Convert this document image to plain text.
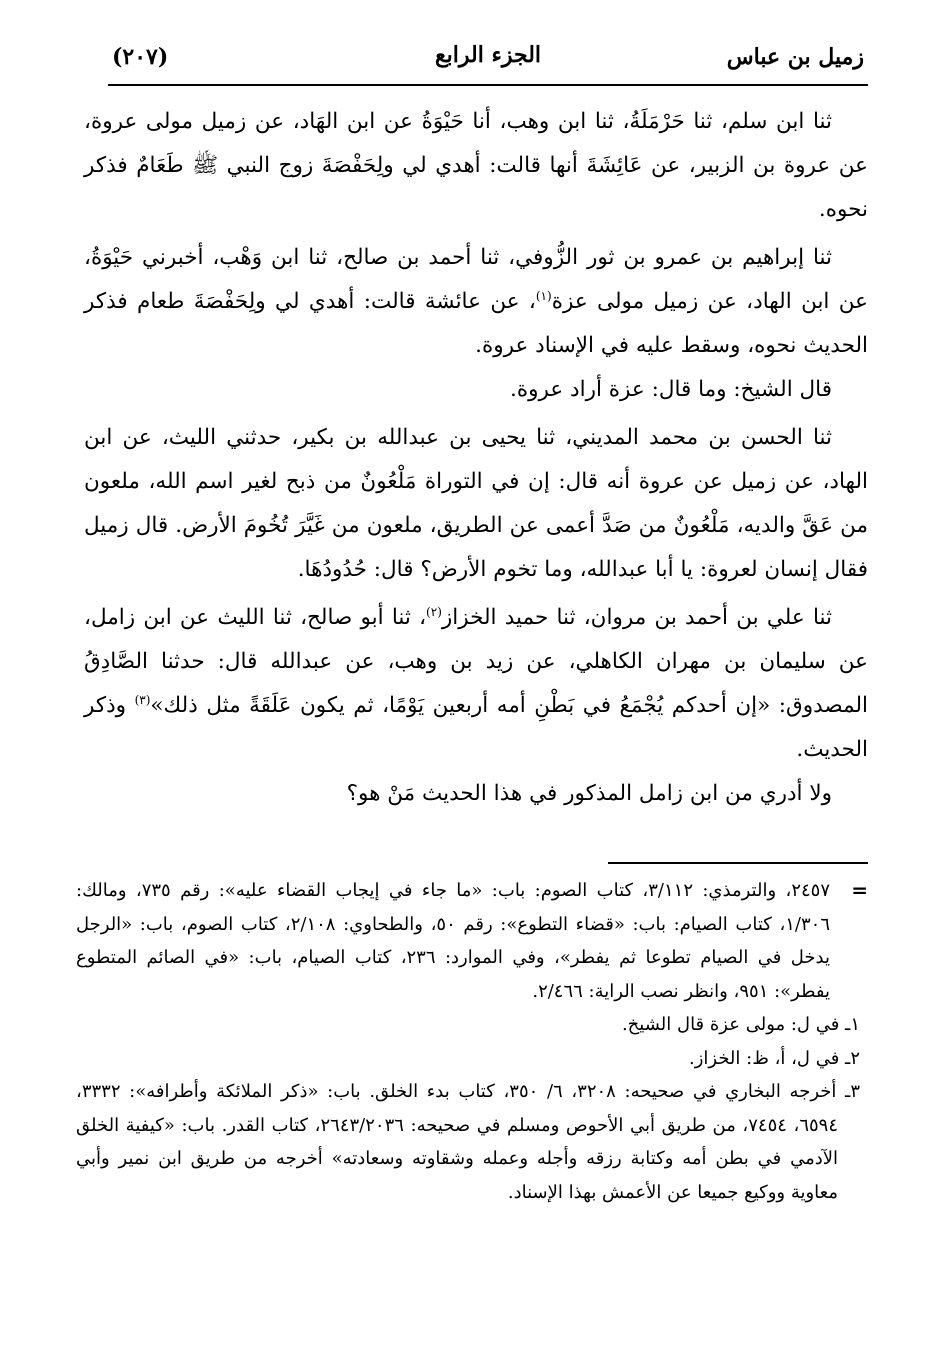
زميل بن عباس
الجزء الرابع
(٢٠٧)

ثنا ابن سلم، ثنا حَرْمَلَةُ، ثنا ابن وهب، أنا حَيْوَةُ عن ابن الهَاد، عن زميل مولى عروة، عن عروة بن الزبير، عن عَائِشَةَ أنها قالت: أهدي لي ولِحَفْصَةَ زوج النبي ﷺ طَعَامٌ فذكر نحوه.

ثنا إبراهيم بن عمرو بن ثور الزُّوفي، ثنا أحمد بن صالح، ثنا ابن وَهْب، أخبرني حَيْوَةُ، عن ابن الهاد، عن زميل مولى عزة$^{(١)}$، عن عائشة قالت: أهدي لي ولِحَفْصَةَ طعام فذكر الحديث نحوه، وسقط عليه في الإسناد عروة.

قال الشيخ: وما قال: عزة أراد عروة.

ثنا الحسن بن محمد المديني، ثنا يحيى بن عبدالله بن بكير، حدثني الليث، عن ابن الهاد، عن زميل عن عروة أنه قال: إن في التوراة مَلْعُونٌ من ذبح لغير اسم الله، ملعون من عَقَّ والديه، مَلْعُونٌ من صَدَّ أعمى عن الطريق، ملعون من غَيَّرَ تُخُومَ الأرض. قال زميل فقال إنسان لعروة: يا أبا عبدالله، وما تخوم الأرض؟ قال: حُدُودُهَا.

ثنا علي بن أحمد بن مروان، ثنا حميد الخزاز$^{(٢)}$، ثنا أبو صالح، ثنا الليث عن ابن زامل، عن سليمان بن مهران الكاهلي، عن زيد بن وهب، عن عبدالله قال: حدثنا الصَّادِقُ المصدوق: «إن أحدكم يُجْمَعُ في بَطْنِ أمه أربعين يَوْمًا، ثم يكون عَلَقَةً مثل ذلك»$^{(٣)}$ وذكر الحديث.

ولا أدري من ابن زامل المذكور في هذا الحديث مَنْ هو؟

=
٢٤٥٧، والترمذي: ٣/١١٢، كتاب الصوم: باب: «ما جاء في إيجاب القضاء عليه»: رقم ٧٣٥، ومالك: ١/٣٠٦، كتاب الصيام: باب: «قضاء التطوع»: رقم ٥٠، والطحاوي: ٢/١٠٨، كتاب الصوم، باب: «الرجل يدخل في الصيام تطوعا ثم يفطر»، وفي الموارد: ٢٣٦، كتاب الصيام، باب: «في الصائم المتطوع يفطر»: ٩٥١، وانظر نصب الراية: ٢/٤٦٦.

١ـ في ل: مولى عزة قال الشيخ.

٢ـ في ل، أ، ظ: الخزاز.

٣ـ أخرجه البخاري في صحيحه: ٣٢٠٨، ٦/ ٣٥٠، كتاب بدء الخلق. باب: «ذكر الملائكة وأطرافه»: ٣٣٣٢، ٦٥٩٤، ٧٤٥٤، من طريق أبي الأحوص ومسلم في صحيحه: ٢٦٤٣/٢٠٣٦، كتاب القدر. باب: «كيفية الخلق الآدمي في بطن أمه وكتابة رزقه وأجله وعمله وشقاوته وسعادته» أخرجه من طريق ابن نمير وأبي معاوية ووكيع جميعا عن الأعمش بهذا الإسناد.
